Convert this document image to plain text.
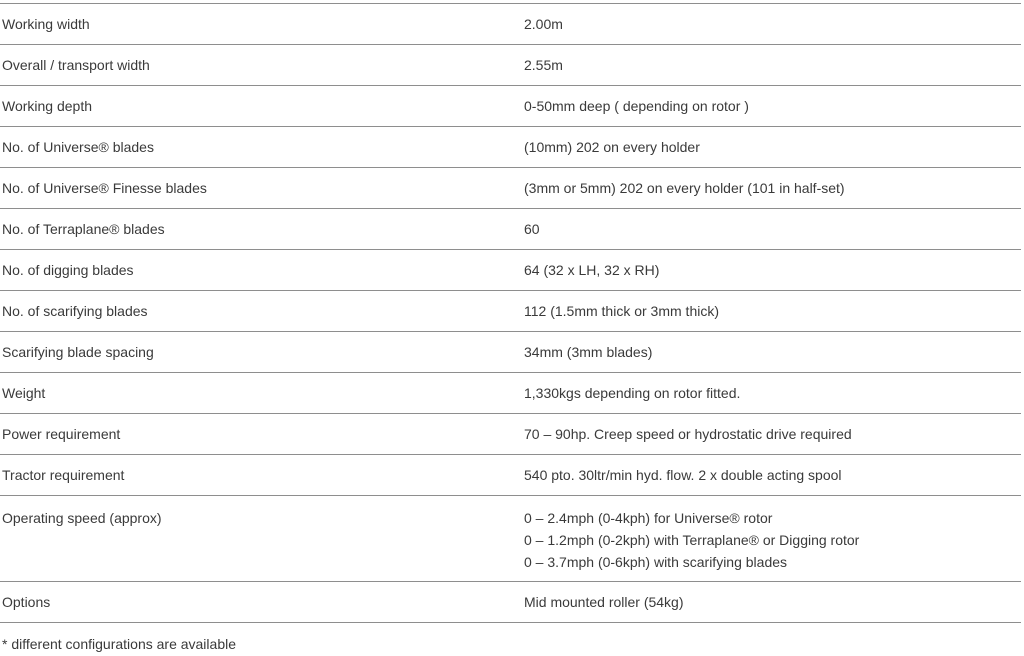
Working width	2.00m
Overall / transport width	2.55m
Working depth	0-50mm deep ( depending on rotor )
No. of Universe® blades	(10mm) 202 on every holder
No. of Universe® Finesse blades	(3mm or 5mm) 202 on every holder (101 in half-set)
No. of Terraplane® blades	60
No. of digging blades	64 (32 x LH, 32 x RH)
No. of scarifying blades	112 (1.5mm thick or 3mm thick)
Scarifying blade spacing	34mm (3mm blades)
Weight	1,330kgs depending on rotor fitted.
Power requirement	70 – 90hp. Creep speed or hydrostatic drive required
Tractor requirement	540 pto. 30ltr/min hyd. flow. 2 x double acting spool
Operating speed (approx)	0 – 2.4mph (0-4kph) for Universe® rotor
0 – 1.2mph (0-2kph) with Terraplane® or Digging rotor
0 – 3.7mph (0-6kph) with scarifying blades
Options	Mid mounted roller (54kg)
* different configurations are available
